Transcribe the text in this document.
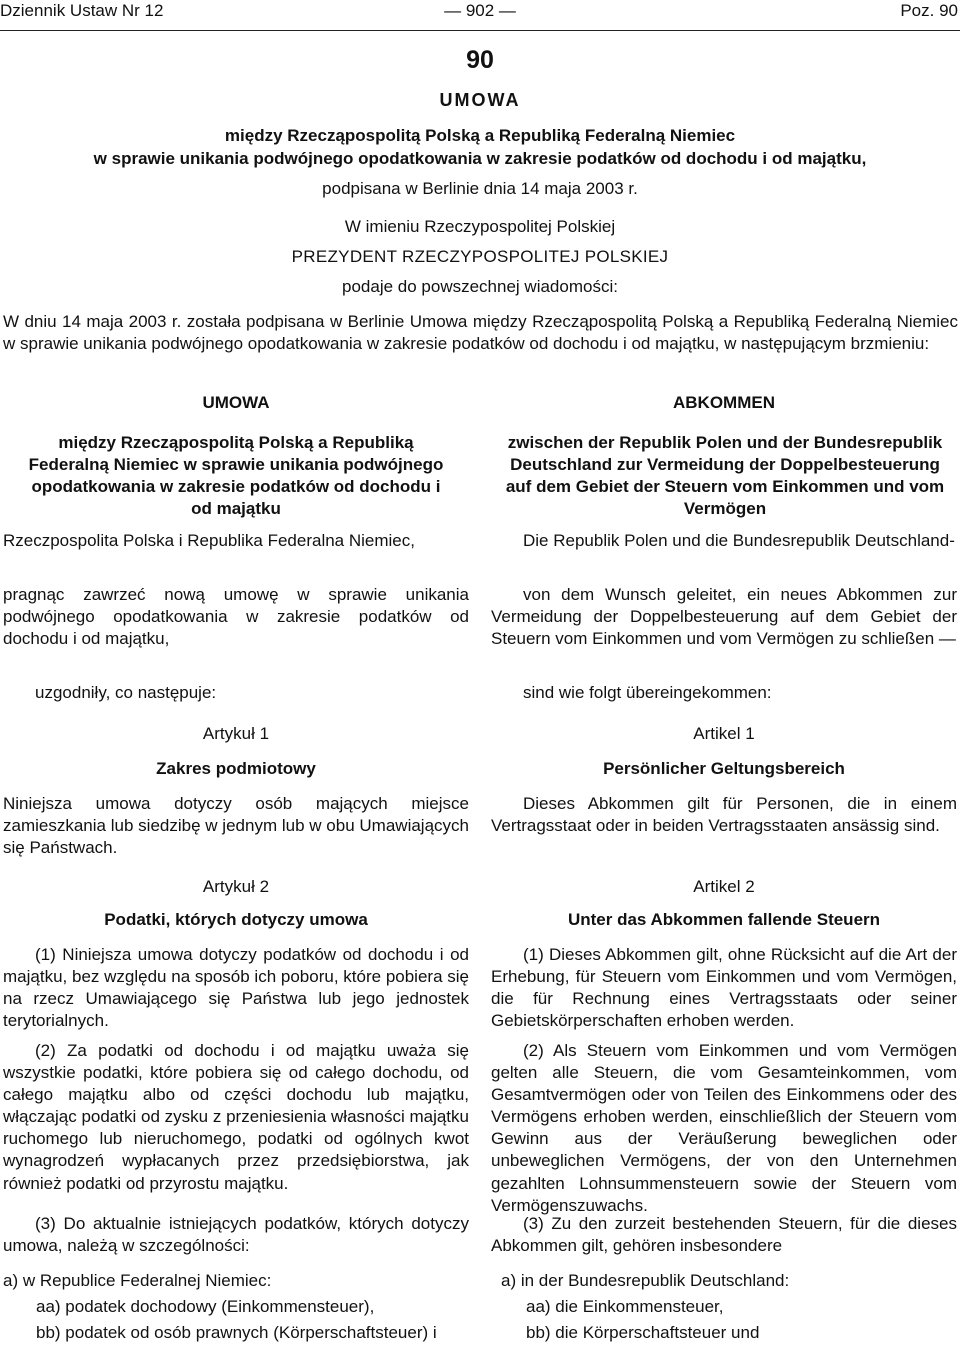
Dziennik Ustaw Nr 12	— 902 —	Poz. 90
90
UMOWA
między Rzecząpospolitą Polską a Republiką Federalną Niemiec
w sprawie unikania podwójnego opodatkowania w zakresie podatków od dochodu i od majątku,
podpisana w Berlinie dnia 14 maja 2003 r.
W imieniu Rzeczypospolitej Polskiej
PREZYDENT RZECZYPOSPOLITEJ POLSKIEJ
podaje do powszechnej wiadomości:
W dniu 14 maja 2003 r. została podpisana w Berlinie Umowa między Rzecząpospolitą Polską a Republiką Federalną Niemiec w sprawie unikania podwójnego opodatkowania w zakresie podatków od dochodu i od majątku, w następującym brzmieniu:
UMOWA
między Rzecząpospolitą Polską a Republiką Federalną Niemiec w sprawie unikania podwójnego opodatkowania w zakresie podatków od dochodu i od majątku
Rzeczpospolita Polska i Republika Federalna Niemiec,
pragnąc zawrzeć nową umowę w sprawie unikania podwójnego opodatkowania w zakresie podatków od dochodu i od majątku,
uzgodniły, co następuje:
Artykuł 1
Zakres podmiotowy
Niniejsza umowa dotyczy osób mających miejsce zamieszkania lub siedzibę w jednym lub w obu Umawiających się Państwach.
Artykuł 2
Podatki, których dotyczy umowa
(1) Niniejsza umowa dotyczy podatków od dochodu i od majątku, bez względu na sposób ich poboru, które pobiera się na rzecz Umawiającego się Państwa lub jego jednostek terytorialnych.
(2) Za podatki od dochodu i od majątku uważa się wszystkie podatki, które pobiera się od całego dochodu, od całego majątku albo od części dochodu lub majątku, włączając podatki od zysku z przeniesienia własności majątku ruchomego lub nieruchomego, podatki od ogólnych kwot wynagrodzeń wypłacanych przez przedsiębiorstwa, jak również podatki od przyrostu majątku.
(3) Do aktualnie istniejących podatków, których dotyczy umowa, należą w szczególności:
a) w Republice Federalnej Niemiec:
aa) podatek dochodowy (Einkommensteuer),
bb) podatek od osób prawnych (Körperschaftsteuer) i
ABKOMMEN
zwischen der Republik Polen und der Bundesrepublik Deutschland zur Vermeidung der Doppelbesteuerung auf dem Gebiet der Steuern vom Einkommen und vom Vermögen
Die Republik Polen und die Bundesrepublik Deutschland-
von dem Wunsch geleitet, ein neues Abkommen zur Vermeidung der Doppelbesteuerung auf dem Gebiet der Steuern vom Einkommen und vom Vermögen zu schließen —
sind wie folgt übereingekommen:
Artikel 1
Persönlicher Geltungsbereich
Dieses Abkommen gilt für Personen, die in einem Vertragsstaat oder in beiden Vertragsstaaten ansässig sind.
Artikel 2
Unter das Abkommen fallende Steuern
(1) Dieses Abkommen gilt, ohne Rücksicht auf die Art der Erhebung, für Steuern vom Einkommen und vom Vermögen, die für Rechnung eines Vertragsstaats oder seiner Gebietskörperschaften erhoben werden.
(2) Als Steuern vom Einkommen und vom Vermögen gelten alle Steuern, die vom Gesamteinkommen, vom Gesamtvermögen oder von Teilen des Einkommens oder des Vermögens erhoben werden, einschließlich der Steuern vom Gewinn aus der Veräußerung beweglichen oder unbeweglichen Vermögens, der von den Unternehmen gezahlten Lohnsummensteuern sowie der Steuern vom Vermögenszuwachs.
(3) Zu den zurzeit bestehenden Steuern, für die dieses Abkommen gilt, gehören insbesondere
a) in der Bundesrepublik Deutschland:
aa) die Einkommensteuer,
bb) die Körperschaftsteuer und
